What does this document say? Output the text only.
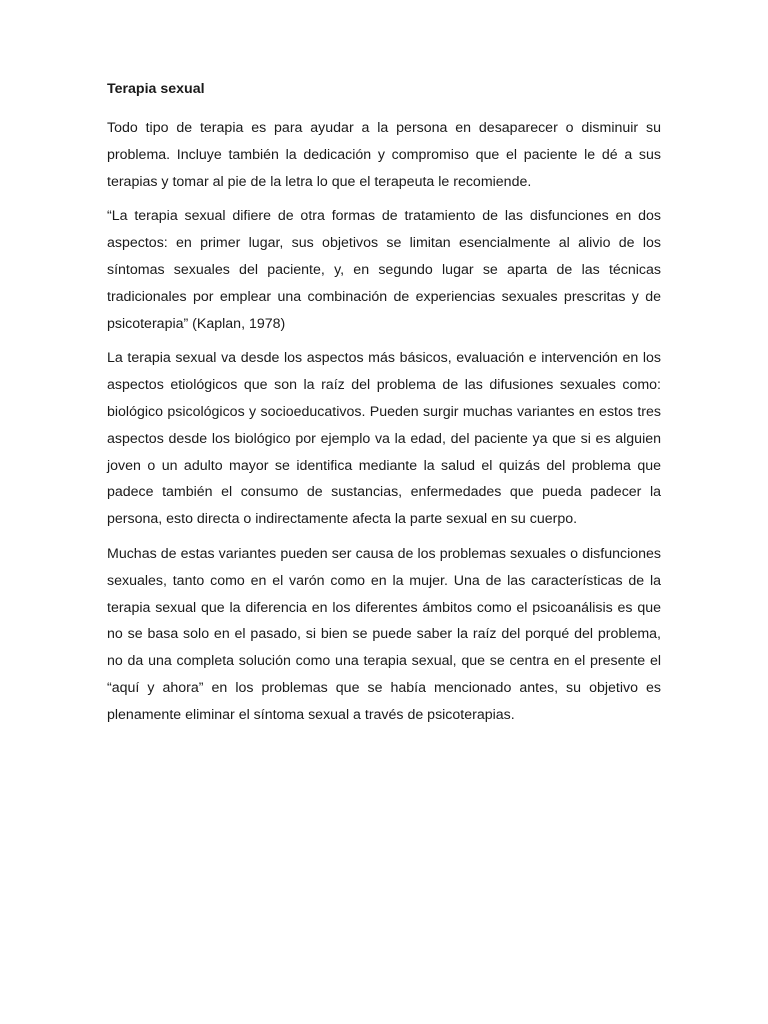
Terapia sexual

Todo tipo de terapia es para ayudar a la persona en desaparecer o disminuir su problema. Incluye también la dedicación y compromiso que el paciente le dé a sus terapias y tomar al pie de la letra lo que el terapeuta le recomiende.

“La terapia sexual difiere de otra formas de tratamiento de las disfunciones en dos aspectos: en primer lugar, sus objetivos se limitan esencialmente al alivio de los síntomas sexuales del paciente, y, en segundo lugar se aparta de las técnicas tradicionales por emplear una combinación de experiencias sexuales prescritas y de psicoterapia” (Kaplan, 1978)

La terapia sexual va desde los aspectos más básicos, evaluación e intervención en los aspectos etiológicos que son la raíz del problema de las difusiones sexuales como: biológico psicológicos y socioeducativos. Pueden surgir muchas variantes en estos tres aspectos desde los biológico por ejemplo va la edad, del paciente ya que si es alguien joven o un adulto mayor se identifica mediante la salud el quizás del problema que padece también el consumo de sustancias, enfermedades que pueda padecer la persona, esto directa o indirectamente afecta la parte sexual en su cuerpo.

Muchas de estas variantes pueden ser causa de los problemas sexuales o disfunciones sexuales, tanto como en el varón como en la mujer. Una de las características de la terapia sexual que la diferencia en los diferentes ámbitos como el psicoanálisis es que no se basa solo en el pasado, si bien se puede saber la raíz del porqué del problema, no da una completa solución como una terapia sexual, que se centra en el presente el “aquí y ahora” en los problemas que se había mencionado antes, su objetivo es plenamente eliminar el síntoma sexual a través de psicoterapias.
